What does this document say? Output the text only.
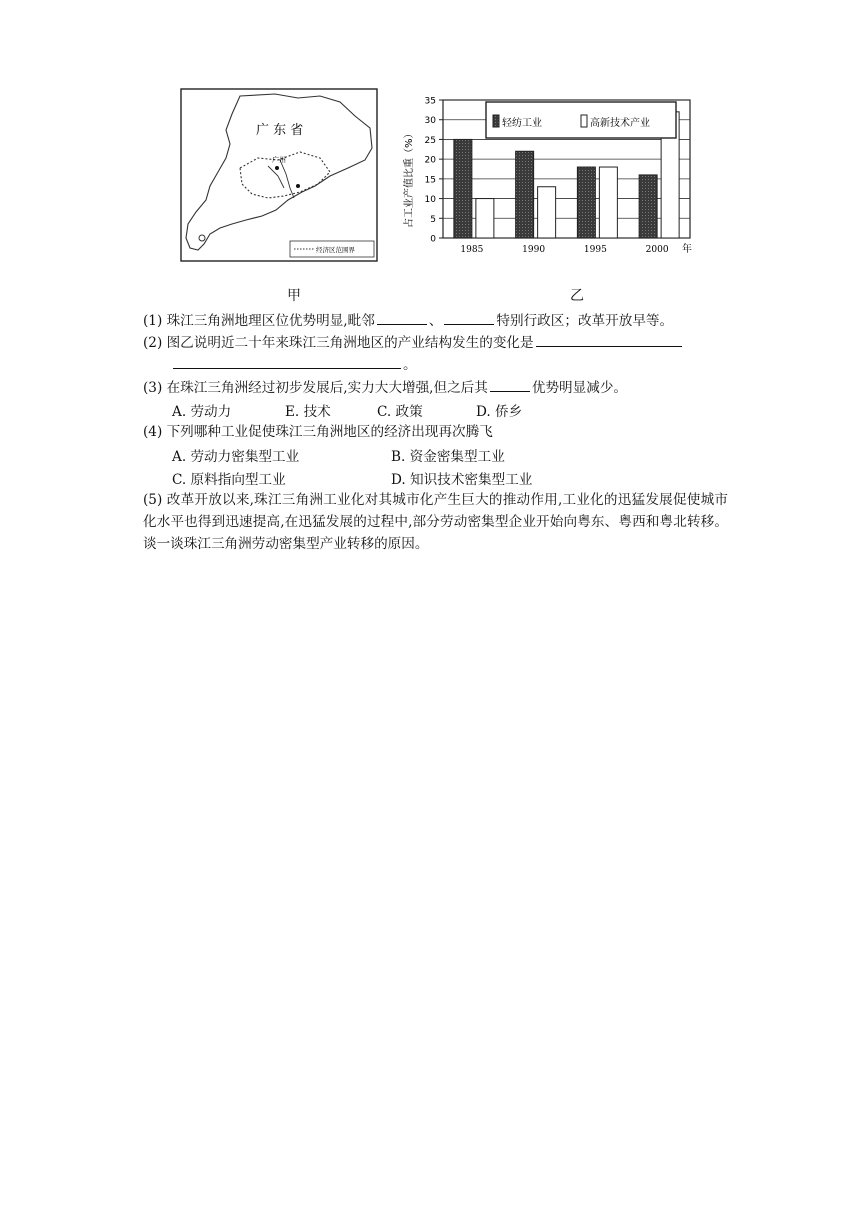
广 东 省
广州
经济区范围界
占工业产值比重（%）
0
5
10
15
20
25
30
35
1985	1990	1995	2000 年
轻纺工业	高新技术产业
甲	乙
(1) 珠江三角洲地理区位优势明显,毗邻	、	特别行政区；改革开放早等。
(2) 图乙说明近二十年来珠江三角洲地区的产业结构发生的变化是
。
(3) 在珠江三角洲经过初步发展后,实力大大增强,但之后其	优势明显减少。
A. 劳动力	E. 技术	C. 政策	D. 侨乡
(4) 下列哪种工业促使珠江三角洲地区的经济出现再次腾飞
A. 劳动力密集型工业	B. 资金密集型工业
C. 原料指向型工业	D. 知识技术密集型工业
(5) 改革开放以来,珠江三角洲工业化对其城市化产生巨大的推动作用,工业化的迅猛发展促使城市化水平也得到迅速提高,在迅猛发展的过程中,部分劳动密集型企业开始向粤东、粤西和粤北转移。谈一谈珠江三角洲劳动密集型产业转移的原因。
